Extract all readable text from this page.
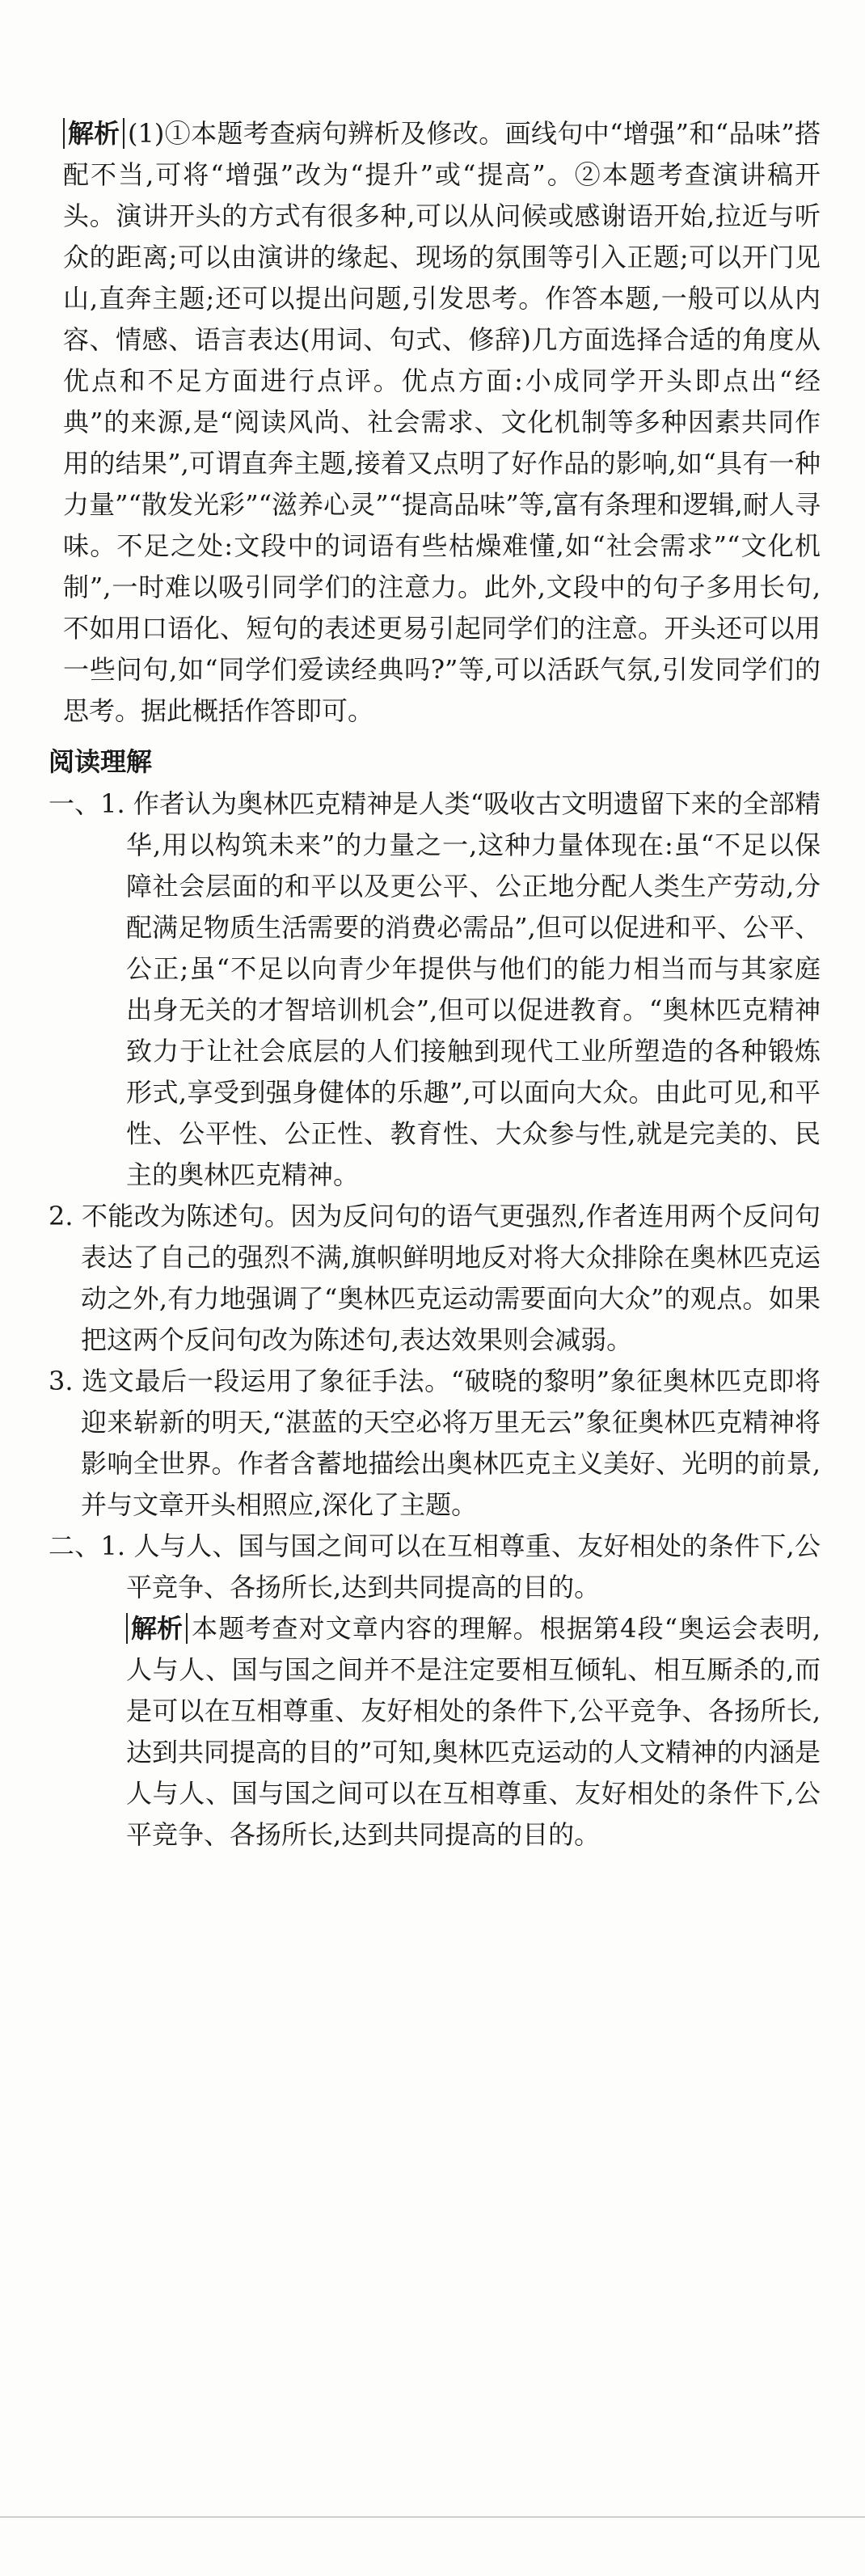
解析 (1)①本题考查病句辨析及修改。画线句中“增强”和“品味”搭配不当,可将“增强”改为“提升”或“提高”。②本题考查演讲稿开头。演讲开头的方式有很多种,可以从问候或感谢语开始,拉近与听众的距离;可以由演讲的缘起、现场的氛围等引入正题;可以开门见山,直奔主题;还可以提出问题,引发思考。作答本题,一般可以从内容、情感、语言表达(用词、句式、修辞)几方面选择合适的角度从优点和不足方面进行点评。优点方面:小成同学开头即点出“经典”的来源,是“阅读风尚、社会需求、文化机制等多种因素共同作用的结果”,可谓直奔主题,接着又点明了好作品的影响,如“具有一种力量”“散发光彩”“滋养心灵”“提高品味”等,富有条理和逻辑,耐人寻味。不足之处:文段中的词语有些枯燥难懂,如“社会需求”“文化机制”,一时难以吸引同学们的注意力。此外,文段中的句子多用长句,不如用口语化、短句的表述更易引起同学们的注意。开头还可以用一些问句,如“同学们爱读经典吗?”等,可以活跃气氛,引发同学们的思考。据此概括作答即可。

阅读理解

一、1. 作者认为奥林匹克精神是人类“吸收古文明遗留下来的全部精华,用以构筑未来”的力量之一,这种力量体现在:虽“不足以保障社会层面的和平以及更公平、公正地分配人类生产劳动,分配满足物质生活需要的消费必需品”,但可以促进和平、公平、公正;虽“不足以向青少年提供与他们的能力相当而与其家庭出身无关的才智培训机会”,但可以促进教育。“奥林匹克精神致力于让社会底层的人们接触到现代工业所塑造的各种锻炼形式,享受到强身健体的乐趣”,可以面向大众。由此可见,和平性、公平性、公正性、教育性、大众参与性,就是完美的、民主的奥林匹克精神。

2. 不能改为陈述句。因为反问句的语气更强烈,作者连用两个反问句表达了自己的强烈不满,旗帜鲜明地反对将大众排除在奥林匹克运动之外,有力地强调了“奥林匹克运动需要面向大众”的观点。如果把这两个反问句改为陈述句,表达效果则会减弱。

3. 选文最后一段运用了象征手法。“破晓的黎明”象征奥林匹克即将迎来崭新的明天,“湛蓝的天空必将万里无云”象征奥林匹克精神将影响全世界。作者含蓄地描绘出奥林匹克主义美好、光明的前景,并与文章开头相照应,深化了主题。

二、1. 人与人、国与国之间可以在互相尊重、友好相处的条件下,公平竞争、各扬所长,达到共同提高的目的。

解析 本题考查对文章内容的理解。根据第4段“奥运会表明,人与人、国与国之间并不是注定要相互倾轧、相互厮杀的,而是可以在互相尊重、友好相处的条件下,公平竞争、各扬所长,达到共同提高的目的”可知,奥林匹克运动的人文精神的内涵是人与人、国与国之间可以在互相尊重、友好相处的条件下,公平竞争、各扬所长,达到共同提高的目的。
